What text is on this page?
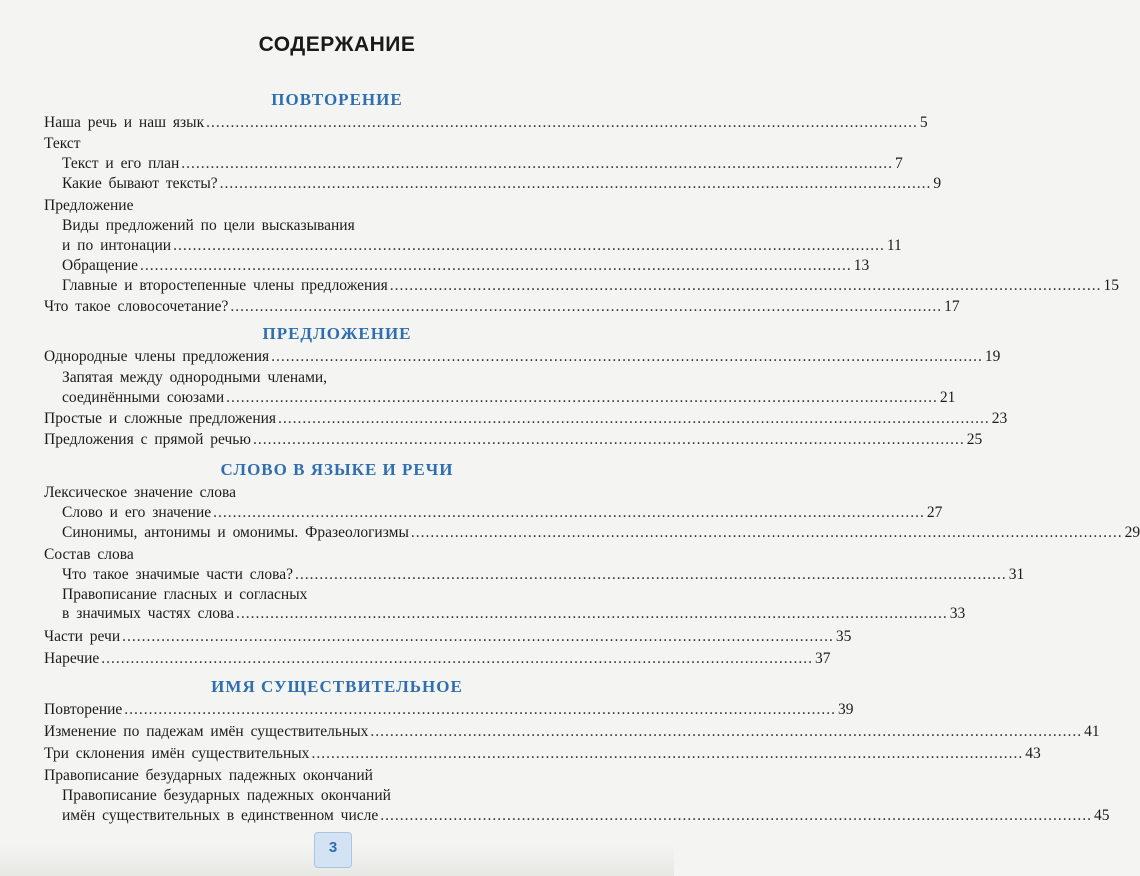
СОДЕРЖАНИЕ
ПОВТОРЕНИЕ
Наша речь и наш язык .................................................................................................................................................. 5
Текст
Текст и его план .................................................................................................................................................. 7
Какие бывают тексты? .................................................................................................................................................. 9
Предложение
Виды предложений по цели высказывания
и по интонации .................................................................................................................................................. 11
Обращение .................................................................................................................................................. 13
Главные и второстепенные члены предложения .................................................................................................................................................. 15
Что такое словосочетание? .................................................................................................................................................. 17
ПРЕДЛОЖЕНИЕ
Однородные члены предложения .................................................................................................................................................. 19
Запятая между однородными членами,
соединёнными союзами .................................................................................................................................................. 21
Простые и сложные предложения .................................................................................................................................................. 23
Предложения с прямой речью .................................................................................................................................................. 25
СЛОВО В ЯЗЫКЕ И РЕЧИ
Лексическое значение слова
Слово и его значение .................................................................................................................................................. 27
Синонимы, антонимы и омонимы. Фразеологизмы .................................................................................................................................................. 29
Состав слова
Что такое значимые части слова? .................................................................................................................................................. 31
Правописание гласных и согласных
в значимых частях слова .................................................................................................................................................. 33
Части речи .................................................................................................................................................. 35
Наречие .................................................................................................................................................. 37
ИМЯ СУЩЕСТВИТЕЛЬНОЕ
Повторение .................................................................................................................................................. 39
Изменение по падежам имён существительных .................................................................................................................................................. 41
Три склонения имён существительных .................................................................................................................................................. 43
Правописание безударных падежных окончаний
Правописание безударных падежных окончаний
имён существительных в единственном числе .................................................................................................................................................. 45
3
